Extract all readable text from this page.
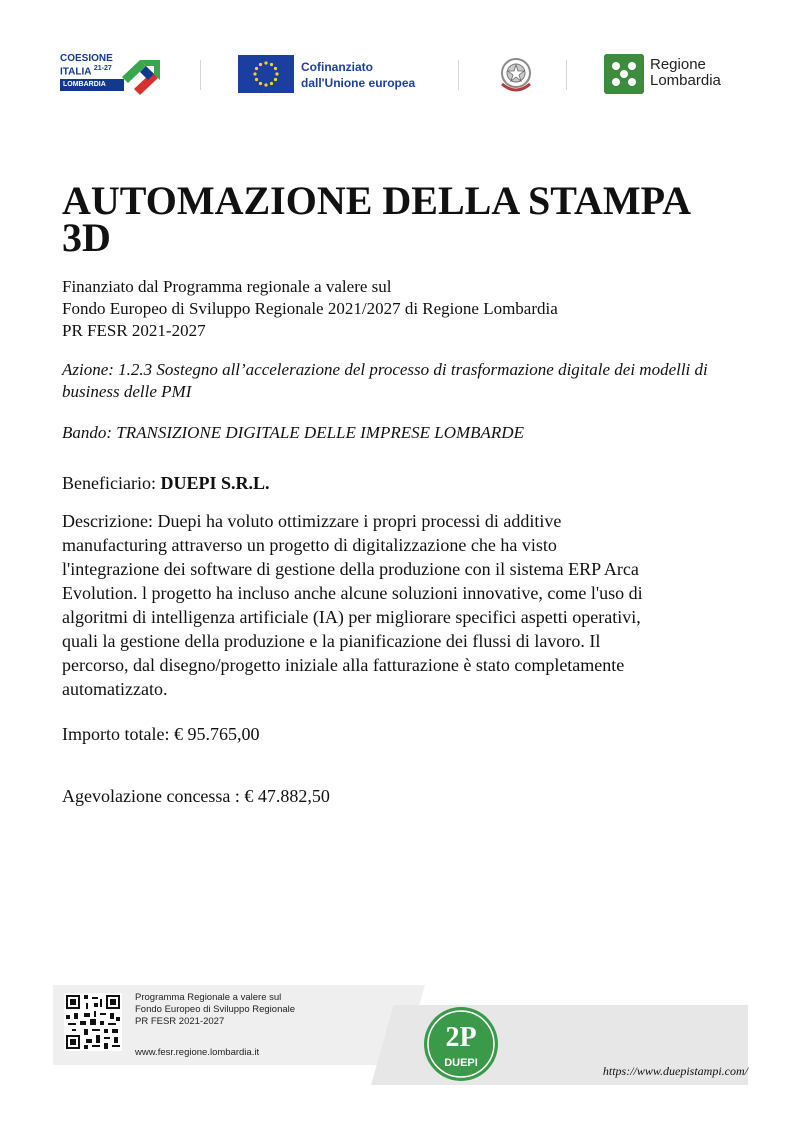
COESIONE
ITALIA $^{21-27}$
LOMBARDIA
Cofinanziato
dall'Unione europea
Regione
Lombardia
AUTOMAZIONE DELLA STAMPA 3D
Finanziato dal Programma regionale a valere sul
Fondo Europeo di Sviluppo Regionale 2021/2027 di Regione Lombardia
PR FESR 2021-2027
Azione: 1.2.3 Sostegno all’accelerazione del processo di trasformazione digitale dei modelli di business delle PMI
Bando: TRANSIZIONE DIGITALE DELLE IMPRESE LOMBARDE
Beneficiario: DUEPI S.R.L.
Descrizione: Duepi ha voluto ottimizzare i propri processi di additive
manufacturing attraverso un progetto di digitalizzazione che ha visto
l'integrazione dei software di gestione della produzione con il sistema ERP Arca
Evolution. l progetto ha incluso anche alcune soluzioni innovative, come l'uso di
algoritmi di intelligenza artificiale (IA) per migliorare specifici aspetti operativi,
quali la gestione della produzione e la pianificazione dei flussi di lavoro. Il
percorso, dal disegno/progetto iniziale alla fatturazione è stato completamente
automatizzato.
Importo totale: € 95.765,00
Agevolazione concessa : € 47.882,50
Programma Regionale a valere sul
Fondo Europeo di Sviluppo Regionale
PR FESR 2021-2027
www.fesr.regione.lombardia.it	2P
DUEPI
https://www.duepistampi.com/
